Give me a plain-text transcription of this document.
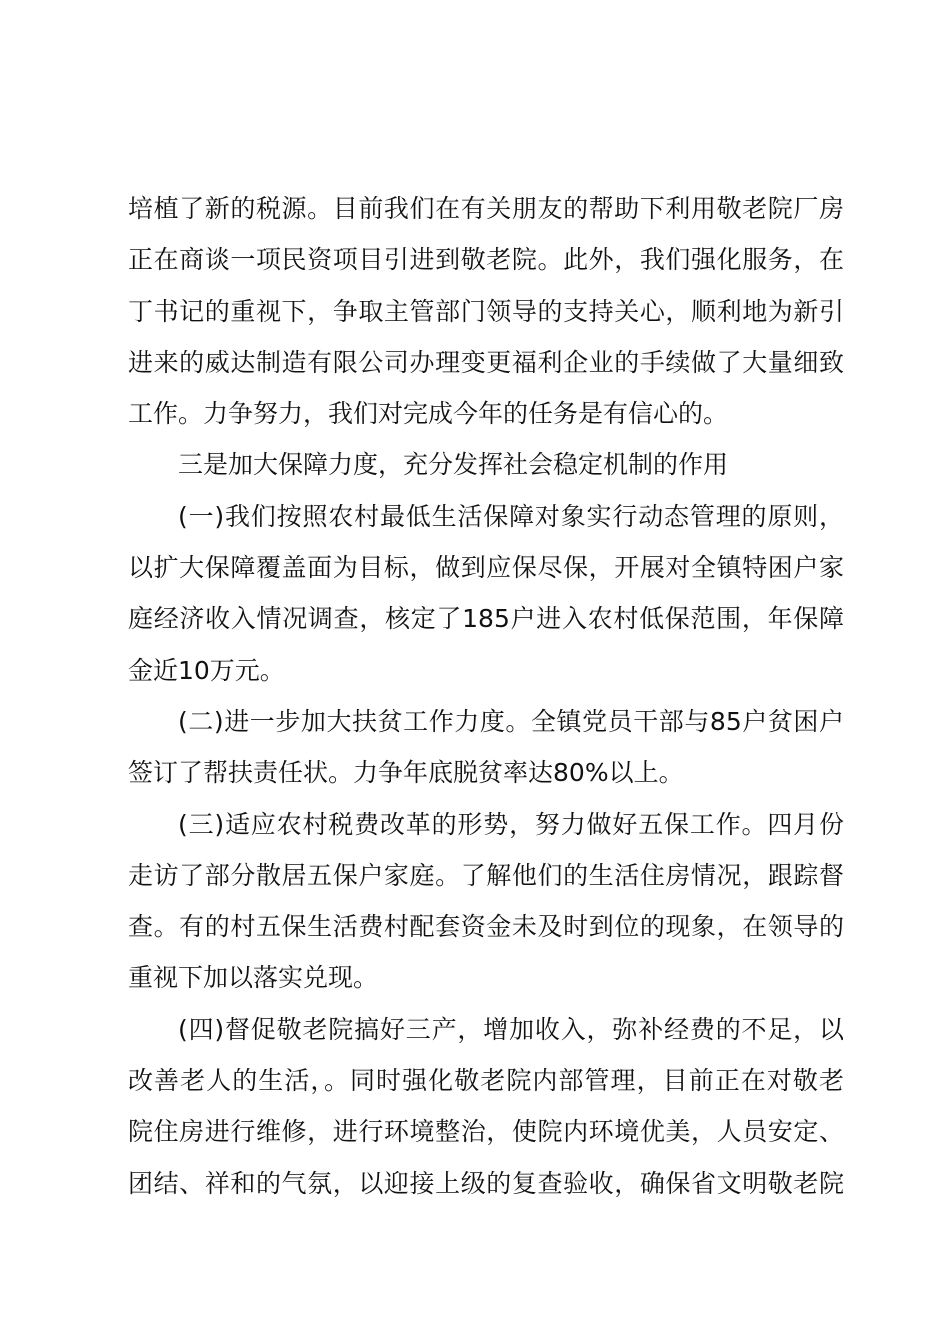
培植了新的税源。目前我们在有关朋友的帮助下利用敬老院厂房
正在商谈一项民资项目引进到敬老院。此外，我们强化服务，在
丁书记的重视下，争取主管部门领导的支持关心，顺利地为新引
进来的威达制造有限公司办理变更福利企业的手续做了大量细致
工作。力争努力，我们对完成今年的任务是有信心的。
三是加大保障力度，充分发挥社会稳定机制的作用
(一)我们按照农村最低生活保障对象实行动态管理的原则，
以扩大保障覆盖面为目标，做到应保尽保，开展对全镇特困户家
庭经济收入情况调查，核定了185户进入农村低保范围，年保障
金近10万元。
(二)进一步加大扶贫工作力度。全镇党员干部与85户贫困户
签订了帮扶责任状。力争年底脱贫率达80%以上。
(三)适应农村税费改革的形势，努力做好五保工作。四月份
走访了部分散居五保户家庭。了解他们的生活住房情况，跟踪督
查。有的村五保生活费村配套资金未及时到位的现象，在领导的
重视下加以落实兑现。
(四)督促敬老院搞好三产，增加收入，弥补经费的不足，以
改善老人的生活，。同时强化敬老院内部管理，目前正在对敬老
院住房进行维修，进行环境整治，使院内环境优美，人员安定、
团结、祥和的气氛，以迎接上级的复查验收，确保省文明敬老院
